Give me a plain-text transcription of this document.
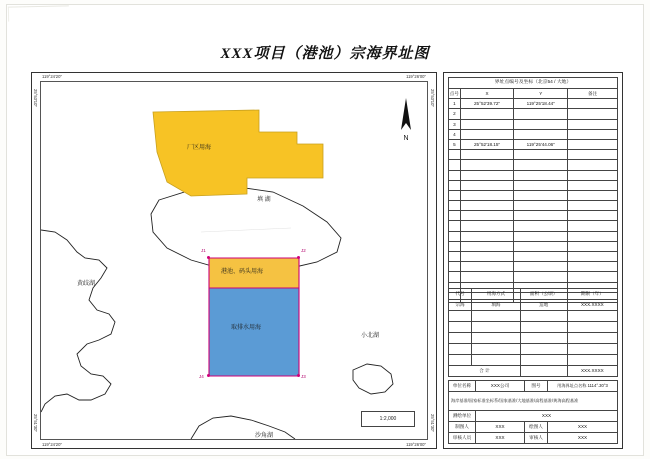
XXX项目（港池）宗海界址图
119°24′20″	119°26′00″
119°24′20″	119°26′00″
25°53′10″
25°51′30″
25°53′10″
25°51′30″
厂区用海
填 湖
港池、码头用海
取排水用海
黄歧湖
小北湖
沙角湖
J1	J2
J3
J4
N
1:2,000
界址点编号及坐标（北京54 / 大地）			
点号	X	Y	备注
1	25°52′39.72″	119°25′18.44″	
2			
3			
4			
5	25°52′18.15″	119°25′44.06″	

代号	用海方式	面积（公顷）	期限（年）
宗海	填海	造地	XXX.XXXX

合 计			XXX.XXXX
单位名称	XXX公司	图号	用海界址点名称 1114°.30°3
海岸基准/国家标准坐标系/国家基准/大地基准/高程基准/黄海高程基准			
测绘单位	XXX		
制图人	XXX	绘图人	XXX
审核人员	XXX	审核人	XXX
